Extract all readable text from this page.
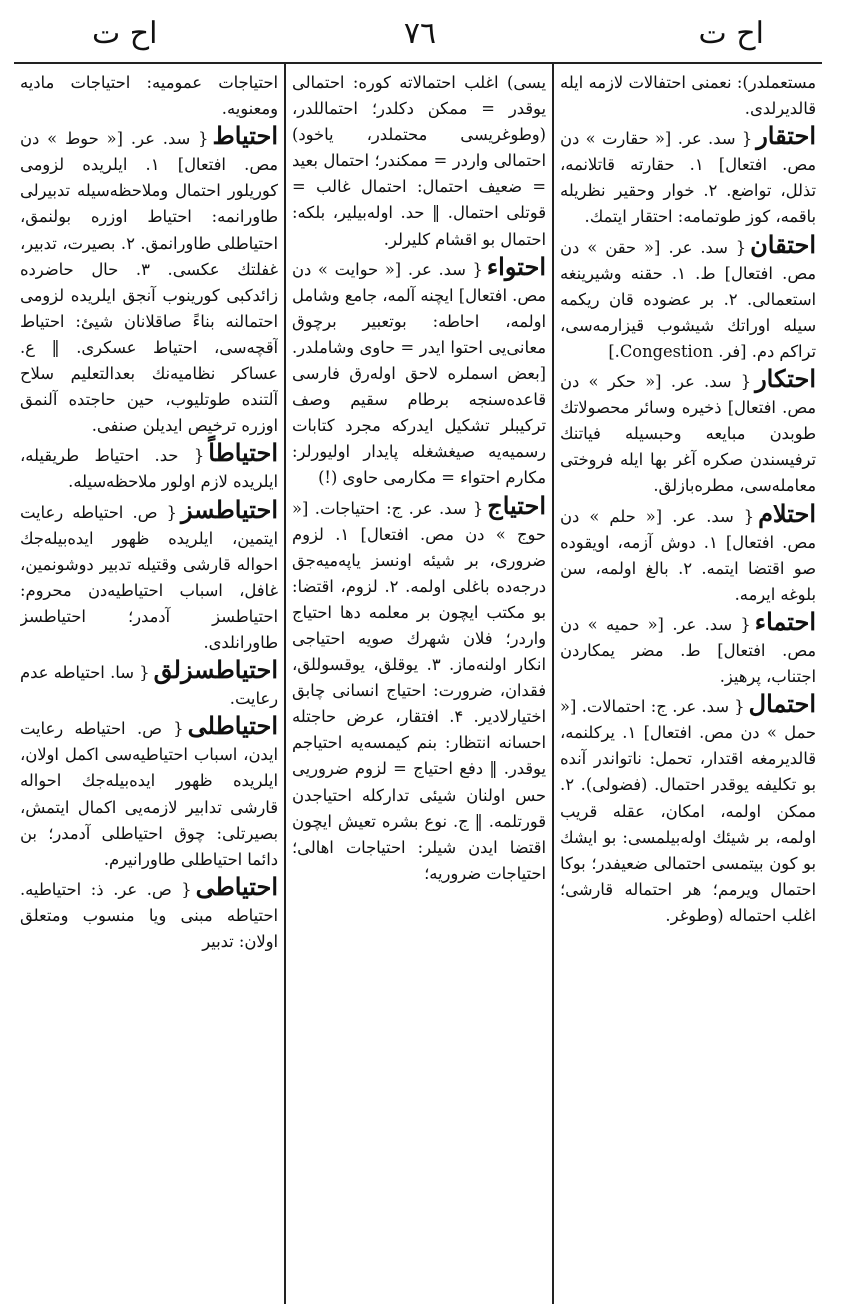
اح ت	٧٦	اح ت
مستعملدر): نعمنی احتفالات لازمه ایله قالدیرلدی.
احتقار{ سد. عر. [« حقارت » دن مص. افتعال] ۱. حقارته قاتلانمه، تذلل، تواضع. ۲. خوار وحقیر نظریله باقمه، کوز طوتمامه: احتقار ایتمك.
احتقان{ سد. عر. [« حقن » دن مص. افتعال] ط. ۱. حقنه وشیرینغه استعمالی. ۲. بر عضوده قان ریکمه سیله اوراتك شیشوب قیزارمه‌سی، تراکم دم. [فر. Congestion.]
احتکار{ سد. عر. [« حکر » دن مص. افتعال] ذخیره وسائر محصولاتك طوبدن مبایعه وحبسیله فیاتنك ترفیسندن صکره آغر بها ایله فروختی معامله‌سی، مطره‌بازلق.
احتلام{ سد. عر. [« حلم » دن مص. افتعال] ۱. دوش آزمه، اویقوده صو اقتضا ایتمه. ۲. بالغ اولمه، سن بلوغه ایرمه.
احتماء{ سد. عر. [« حمیه » دن مص. افتعال] ط. مضر یمکاردن اجتناب، پرهیز.
احتمال{ سد. عر. ج: احتمالات. [« حمل » دن مص. افتعال] ۱. یرکلنمه، قالدیرمغه اقتدار، تحمل: ناتواندر آنده بو تکلیفه یوقدر احتمال. (فضولی). ۲. ممکن اولمه، امکان، عقله قریب اولمه، بر شیئك اوله‌بیلمسی: بو ایشك بو کون بیتمسی احتمالی ضعیفدر؛ بوکا احتمال ویرمم؛ هر احتماله قارشی؛ اغلب احتماله (وطوغر.
یسی) اغلب احتمالاته کوره: احتمالی یوقدر = ممکن دکلدر؛ احتماللدر، (وطوغریسی محتملدر، یاخود) احتمالی واردر = ممکندر؛ احتمال بعید = ضعیف احتمال: احتمال غالب = قوتلی احتمال. ‖ حد. اوله‌بیلیر، بلکه: احتمال بو اقشام کلیرلر.
احتواء{ سد. عر. [« حوایت » دن مص. افتعال] ایچنه آلمه، جامع وشامل اولمه، احاطه: بوتعبیر برچوق معانی‌یی احتوا ایدر = حاوی وشاملدر. [بعض اسملره لاحق اوله‌رق فارسی قاعده‌سنجه برطام سقیم وصف ترکیبلر تشکیل ایدرکه مجرد کتابات رسمیه‌یه صیغشغله پایدار اولیورلر: مکارم احتواء = مکارمی حاوی (!)
احتیاج{ سد. عر. ج: احتیاجات. [« حوج » دن مص. افتعال] ۱. لزوم ضروری، بر شیئه اونسز یاپه‌میه‌جق درجه‌ده باغلی اولمه. ۲. لزوم، اقتضا: بو مکتب ایچون بر معلمه دها احتیاج واردر؛ فلان شهرك صویه احتیاجی انکار اولنه‌ماز. ۳. یوقلق، یوقسوللق، فقدان، ضرورت: احتیاج انسانی چابق اختیارلادیر. ۴. افتقار، عرض حاجتله احسانه انتظار: بنم کیمسه‌یه احتیاجم یوقدر. ‖ دفع احتیاج = لزوم ضروریی حس اولنان شیئی تدارکله احتیاجدن قورتلمه. ‖ ج. نوع بشره تعیش ایچون اقتضا ایدن شیلر: احتیاجات اهالی؛ احتیاجات ضروریه؛
احتیاجات عمومیه: احتیاجات مادیه ومعنویه.
احتیاط{ سد. عر. [« حوط » دن مص. افتعال] ۱. ایلریده لزومی کوریلور احتمال وملاحظه‌سیله تدبیرلی طاورانمه: احتیاط اوزره بولنمق، احتیاطلی طاورانمق. ۲. بصیرت، تدبیر، غفلتك عکسی. ۳. حال حاضرده زائدکبی کورینوب آنجق ایلریده لزومی احتمالنه بناءً صاقلانان شیئ: احتیاط آقچه‌سی، احتیاط عسکری. ‖ ع. عساکر نظامیه‌نك بعدالتعلیم سلاح آلتنده طوتلیوب، حین حاجتده آلنمق اوزره ترخیص ایدیلن صنفی.
احتیاطاً{ حد. احتیاط طریقیله، ایلریده لازم اولور ملاحظه‌سیله.
احتیاطسز{ ص. احتیاطه رعایت ایتمین، ایلریده ظهور ایده‌بیله‌جك احواله قارشی وقتیله تدبیر دوشونمین، غافل، اسباب احتیاطیه‌دن محروم: احتیاطسز آدمدر؛ احتیاطسز طاورانلدی.
احتیاطسزلق{ سا. احتیاطه عدم رعایت.
احتیاطلی{ ص. احتیاطه رعایت ایدن، اسباب احتیاطیه‌سی اکمل اولان، ایلریده ظهور ایده‌بیله‌جك احواله قارشی تدابیر لازمه‌یی اکمال ایتمش، بصیرتلی: چوق احتیاطلی آدمدر؛ بن دائما احتیاطلی طاورانیرم.
احتیاطی{ ص. عر. ذ: احتیاطیه. احتیاطه مبنی ویا منسوب ومتعلق اولان: تدبیر
